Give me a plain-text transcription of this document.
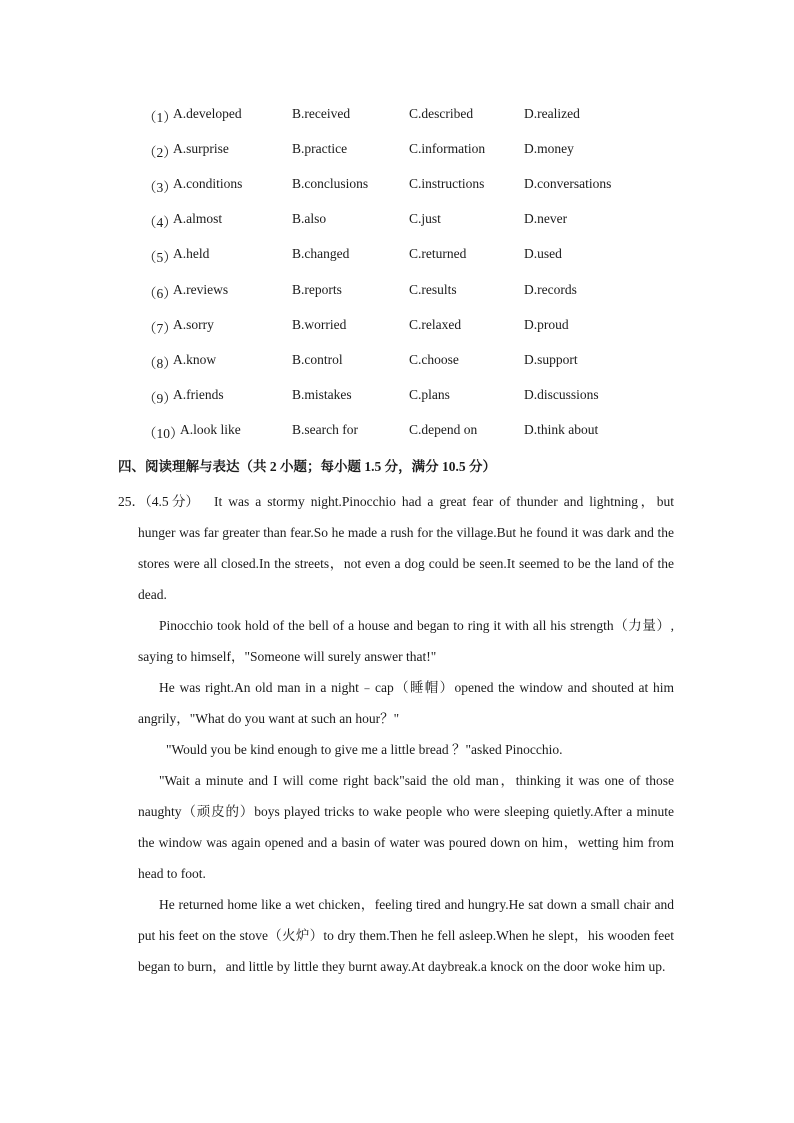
（1）
A.developed	B.received	C.described	D.realized
（2）
A.surprise	B.practice	C.information	D.money
（3）
A.conditions	B.conclusions	C.instructions	D.conversations
（4）
A.almost	B.also	C.just	D.never
（5）
A.held	B.changed	C.returned	D.used
（6）
A.reviews	B.reports	C.results	D.records
（7）
A.sorry	B.worried	C.relaxed	D.proud
（8）
A.know	B.control	C.choose	D.support
（9）
A.friends	B.mistakes	C.plans	D.discussions
（10）
A.look like	B.search for	C.depend on	D.think about
四、阅读理解与表达（共 2 小题；每小题 1.5 分，满分 10.5 分）
25．（4.5 分）	It was a stormy night.Pinocchio had a great fear of thunder and lightning，but hunger was far greater than fear.So he made a rush for the village.But he found it was dark and the stores were all closed.In the streets，not even a dog could be seen.It seemed to be the land of the dead.

Pinocchio took hold of the bell of a house and began to ring it with all his strength（力量）, saying to himself，"Someone will surely answer that!"

He was right.An old man in a night﹣cap（睡帽）opened the window and shouted at him angrily，"What do you want at such an hour？"

"Would you be kind enough to give me a little bread ？"asked Pinocchio.

"Wait a minute and I will come right back"said the old man，thinking it was one of those naughty（顽皮的）boys played tricks to wake people who were sleeping quietly.After a minute the window was again opened and a basin of water was poured down on him，wetting him from head to foot.

He returned home like a wet chicken，feeling tired and hungry.He sat down a small chair and put his feet on the stove（火炉）to dry them.Then he fell asleep.When he slept，his wooden feet began to burn，and little by little they burnt away.At daybreak.a knock on the door woke him up.
